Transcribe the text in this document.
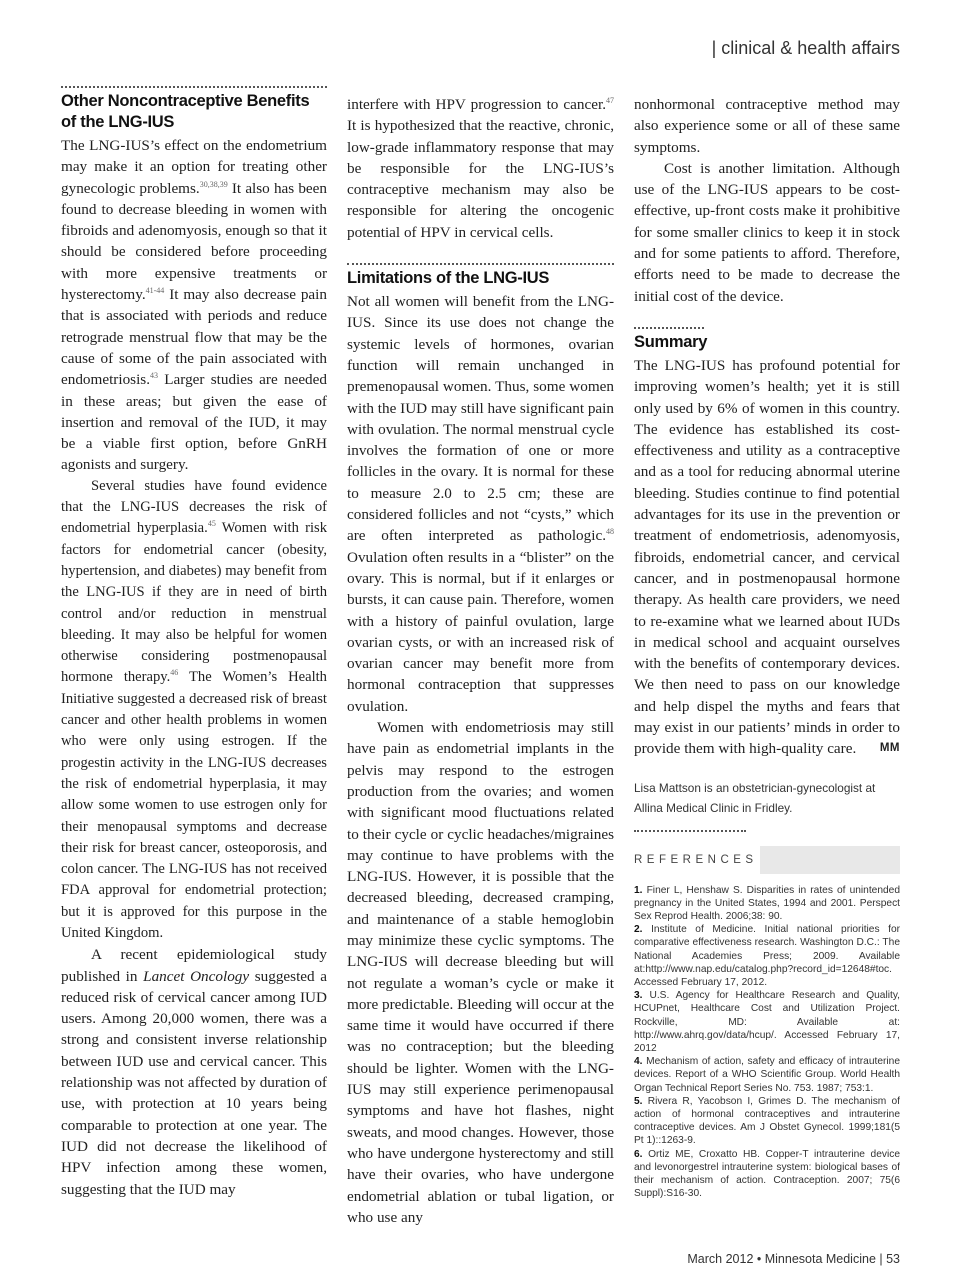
| clinical & health affairs
Other Noncontraceptive Benefits of the LNG-IUS

The LNG-IUS’s effect on the endometrium may make it an option for treating other gynecologic problems.$^{30,38,39}$ It also has been found to decrease bleeding in women with fibroids and adenomyosis, enough so that it should be considered before proceeding with more expensive treatments or hysterectomy.$^{41-44}$ It may also decrease pain that is associated with periods and reduce retrograde menstrual flow that may be the cause of some of the pain associated with endometriosis.$^{43}$ Larger studies are needed in these areas; but given the ease of insertion and removal of the IUD, it may be a viable first option, before GnRH agonists and surgery.

Several studies have found evidence that the LNG-IUS decreases the risk of endometrial hyperplasia.$^{45}$ Women with risk factors for endometrial cancer (obesity, hypertension, and diabetes) may benefit from the LNG-IUS if they are in need of birth control and/or reduction in menstrual bleeding. It may also be helpful for women otherwise considering postmenopausal hormone therapy.$^{46}$ The Women’s Health Initiative suggested a decreased risk of breast cancer and other health problems in women who were only using estrogen. If the progestin activity in the LNG-IUS decreases the risk of endometrial hyperplasia, it may allow some women to use estrogen only for their menopausal symptoms and decrease their risk for breast cancer, osteoporosis, and colon cancer. The LNG-IUS has not received FDA approval for endometrial protection; but it is approved for this purpose in the United Kingdom.

A recent epidemiological study published in Lancet Oncology suggested a reduced risk of cervical cancer among IUD users. Among 20,000 women, there was a strong and consistent inverse relationship between IUD use and cervical cancer. This relationship was not affected by duration of use, with protection at 10 years being comparable to protection at one year. The IUD did not decrease the likelihood of HPV infection among these women, suggesting that the IUD may

interfere with HPV progression to cancer.$^{47}$ It is hypothesized that the reactive, chronic, low-grade inflammatory response that may be responsible for the LNG-IUS’s contraceptive mechanism may also be responsible for altering the oncogenic potential of HPV in cervical cells.

Limitations of the LNG-IUS

Not all women will benefit from the LNG-IUS. Since its use does not change the systemic levels of hormones, ovarian function will remain unchanged in premenopausal women. Thus, some women with the IUD may still have significant pain with ovulation. The normal menstrual cycle involves the formation of one or more follicles in the ovary. It is normal for these to measure 2.0 to 2.5 cm; these are considered follicles and not “cysts,” which are often interpreted as pathologic.$^{48}$ Ovulation often results in a “blister” on the ovary. This is normal, but if it enlarges or bursts, it can cause pain. Therefore, women with a history of painful ovulation, large ovarian cysts, or with an increased risk of ovarian cancer may benefit more from hormonal contraception that suppresses ovulation.

Women with endometriosis may still have pain as endometrial implants in the pelvis may respond to the estrogen production from the ovaries; and women with significant mood fluctuations related to their cycle or cyclic headaches/migraines may continue to have problems with the LNG-IUS. However, it is possible that the decreased bleeding, decreased cramping, and maintenance of a stable hemoglobin may minimize these cyclic symptoms. The LNG-IUS will decrease bleeding but will not regulate a woman’s cycle or make it more predictable. Bleeding will occur at the same time it would have occurred if there was no contraception; but the bleeding should be lighter. Women with the LNG-IUS may still experience perimenopausal symptoms and have hot flashes, night sweats, and mood changes. However, those who have undergone hysterectomy and still have their ovaries, who have undergone endometrial ablation or tubal ligation, or who use any

nonhormonal contraceptive method may also experience some or all of these same symptoms.

Cost is another limitation. Although use of the LNG-IUS appears to be cost-effective, up-front costs make it prohibitive for some smaller clinics to keep it in stock and for some patients to afford. Therefore, efforts need to be made to decrease the initial cost of the device.

Summary

The LNG-IUS has profound potential for improving women’s health; yet it is still only used by 6% of women in this country. The evidence has established its cost-effectiveness and utility as a contraceptive and as a tool for reducing abnormal uterine bleeding. Studies continue to find potential advantages for its use in the prevention or treatment of endometriosis, adenomyosis, fibroids, endometrial cancer, and cervical cancer, and in postmenopausal hormone therapy. As health care providers, we need to re-examine what we learned about IUDs in medical school and acquaint ourselves with the benefits of contemporary devices. We then need to pass on our knowledge and help dispel the myths and fears that may exist in our patients’ minds in order to provide them with high-quality care. MM

Lisa Mattson is an obstetrician-gynecologist at Allina Medical Clinic in Fridley.

REFERENCES
1. Finer L, Henshaw S. Disparities in rates of unintended pregnancy in the United States, 1994 and 2001. Perspect Sex Reprod Health. 2006;38: 90.
2. Institute of Medicine. Initial national priorities for comparative effectiveness research. Washington D.C.: The National Academies Press; 2009. Available at:http://www.nap.edu/catalog.php?record_id=12648#toc. Accessed February 17, 2012.
3. U.S. Agency for Healthcare Research and Quality, HCUPnet, Healthcare Cost and Utilization Project. Rockville, MD: Available at: http://www.ahrq.gov/data/hcup/. Accessed February 17, 2012
4. Mechanism of action, safety and efficacy of intrauterine devices. Report of a WHO Scientific Group. World Health Organ Technical Report Series No. 753. 1987; 753:1.
5. Rivera R, Yacobson I, Grimes D. The mechanism of action of hormonal contraceptives and intrauterine contraceptive devices. Am J Obstet Gynecol. 1999;181(5 Pt 1)::1263-9.
6. Ortiz ME, Croxatto HB. Copper-T intrauterine device and levonorgestrel intrauterine system: biological bases of their mechanism of action. Contraception. 2007; 75(6 Suppl):S16-30.
March 2012 • Minnesota Medicine | 53
